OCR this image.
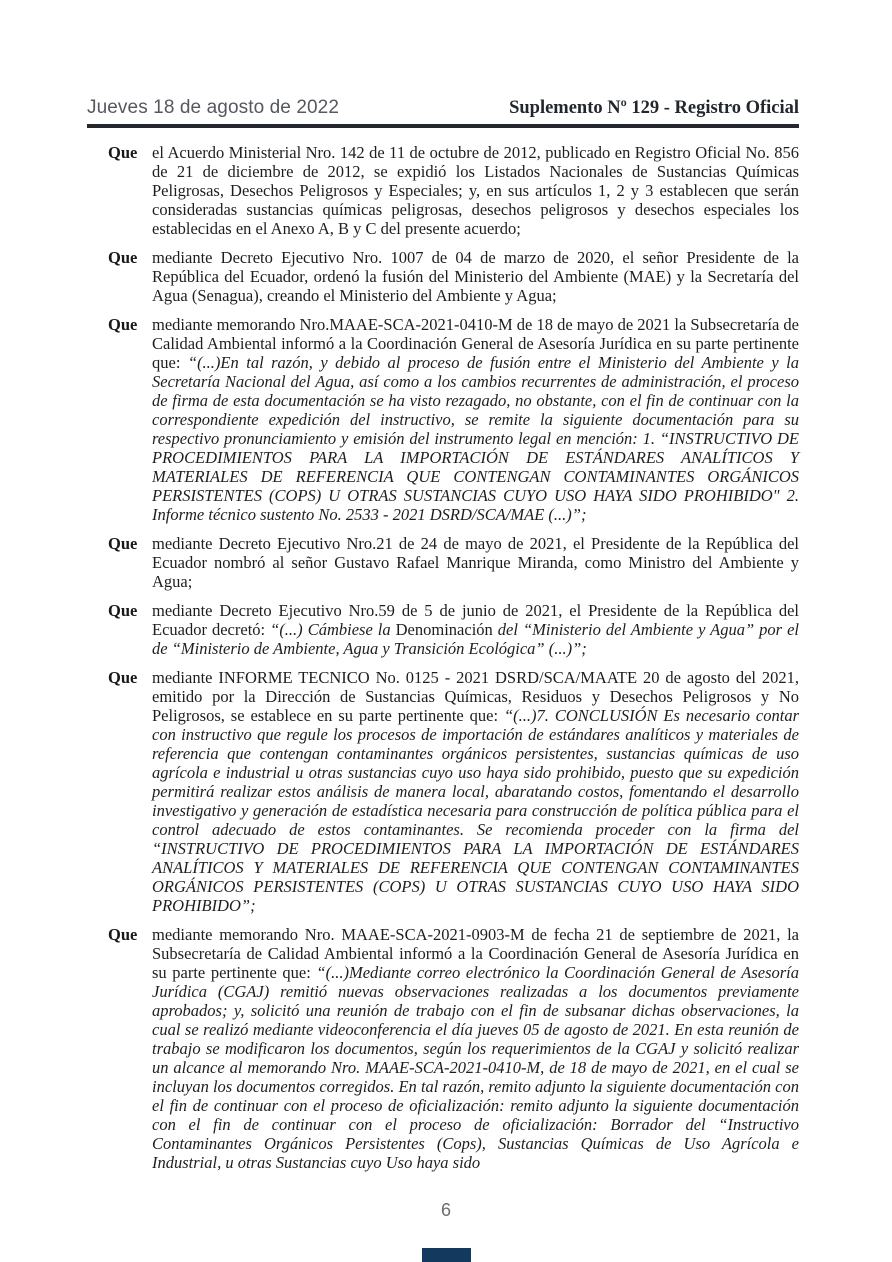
Jueves 18 de agosto de 2022	Suplemento Nº 129 - Registro Oficial
Que el Acuerdo Ministerial Nro. 142 de 11 de octubre de 2012, publicado en Registro Oficial No. 856 de 21 de diciembre de 2012, se expidió los Listados Nacionales de Sustancias Químicas Peligrosas, Desechos Peligrosos y Especiales; y, en sus artículos 1, 2 y 3 establecen que serán consideradas sustancias químicas peligrosas, desechos peligrosos y desechos especiales los establecidas en el Anexo A, B y C del presente acuerdo;

Que mediante Decreto Ejecutivo Nro. 1007 de 04 de marzo de 2020, el señor Presidente de la República del Ecuador, ordenó la fusión del Ministerio del Ambiente (MAE) y la Secretaría del Agua (Senagua), creando el Ministerio del Ambiente y Agua;

Que mediante memorando Nro.MAAE-SCA-2021-0410-M de 18 de mayo de 2021 la Subsecretaría de Calidad Ambiental informó a la Coordinación General de Asesoría Jurídica en su parte pertinente que: “(...)En tal razón, y debido al proceso de fusión entre el Ministerio del Ambiente y la Secretaría Nacional del Agua, así como a los cambios recurrentes de administración, el proceso de firma de esta documentación se ha visto rezagado, no obstante, con el fin de continuar con la correspondiente expedición del instructivo, se remite la siguiente documentación para su respectivo pronunciamiento y emisión del instrumento legal en mención: 1. “INSTRUCTIVO DE PROCEDIMIENTOS PARA LA IMPORTACIÓN DE ESTÁNDARES ANALÍTICOS Y MATERIALES DE REFERENCIA QUE CONTENGAN CONTAMINANTES ORGÁNICOS PERSISTENTES (COPS) U OTRAS SUSTANCIAS CUYO USO HAYA SIDO PROHIBIDO" 2. Informe técnico sustento No. 2533 - 2021 DSRD/SCA/MAE (...)”;

Que mediante Decreto Ejecutivo Nro.21 de 24 de mayo de 2021, el Presidente de la República del Ecuador nombró al señor Gustavo Rafael Manrique Miranda, como Ministro del Ambiente y Agua;

Que mediante Decreto Ejecutivo Nro.59 de 5 de junio de 2021, el Presidente de la República del Ecuador decretó: “(...) Cámbiese la Denominación del “Ministerio del Ambiente y Agua” por el de “Ministerio de Ambiente, Agua y Transición Ecológica” (...)”;

Que mediante INFORME TECNICO No. 0125 - 2021 DSRD/SCA/MAATE 20 de agosto del 2021, emitido por la Dirección de Sustancias Químicas, Residuos y Desechos Peligrosos y No Peligrosos, se establece en su parte pertinente que: “(...)7. CONCLUSIÓN Es necesario contar con instructivo que regule los procesos de importación de estándares analíticos y materiales de referencia que contengan contaminantes orgánicos persistentes, sustancias químicas de uso agrícola e industrial u otras sustancias cuyo uso haya sido prohibido, puesto que su expedición permitirá realizar estos análisis de manera local, abaratando costos, fomentando el desarrollo investigativo y generación de estadística necesaria para construcción de política pública para el control adecuado de estos contaminantes. Se recomienda proceder con la firma del “INSTRUCTIVO DE PROCEDIMIENTOS PARA LA IMPORTACIÓN DE ESTÁNDARES ANALÍTICOS Y MATERIALES DE REFERENCIA QUE CONTENGAN CONTAMINANTES ORGÁNICOS PERSISTENTES (COPS) U OTRAS SUSTANCIAS CUYO USO HAYA SIDO PROHIBIDO”;

Que mediante memorando Nro. MAAE-SCA-2021-0903-M de fecha 21 de septiembre de 2021, la Subsecretaría de Calidad Ambiental informó a la Coordinación General de Asesoría Jurídica en su parte pertinente que: “(...)Mediante correo electrónico la Coordinación General de Asesoría Jurídica (CGAJ) remitió nuevas observaciones realizadas a los documentos previamente aprobados; y, solicitó una reunión de trabajo con el fin de subsanar dichas observaciones, la cual se realizó mediante videoconferencia el día jueves 05 de agosto de 2021. En esta reunión de trabajo se modificaron los documentos, según los requerimientos de la CGAJ y solicitó realizar un alcance al memorando Nro. MAAE-SCA-2021-0410-M, de 18 de mayo de 2021, en el cual se incluyan los documentos corregidos. En tal razón, remito adjunto la siguiente documentación con el fin de continuar con el proceso de oficialización: remito adjunto la siguiente documentación con el fin de continuar con el proceso de oficialización: Borrador del “Instructivo Contaminantes Orgánicos Persistentes (Cops), Sustancias Químicas de Uso Agrícola e Industrial, u otras Sustancias cuyo Uso haya sido

6
